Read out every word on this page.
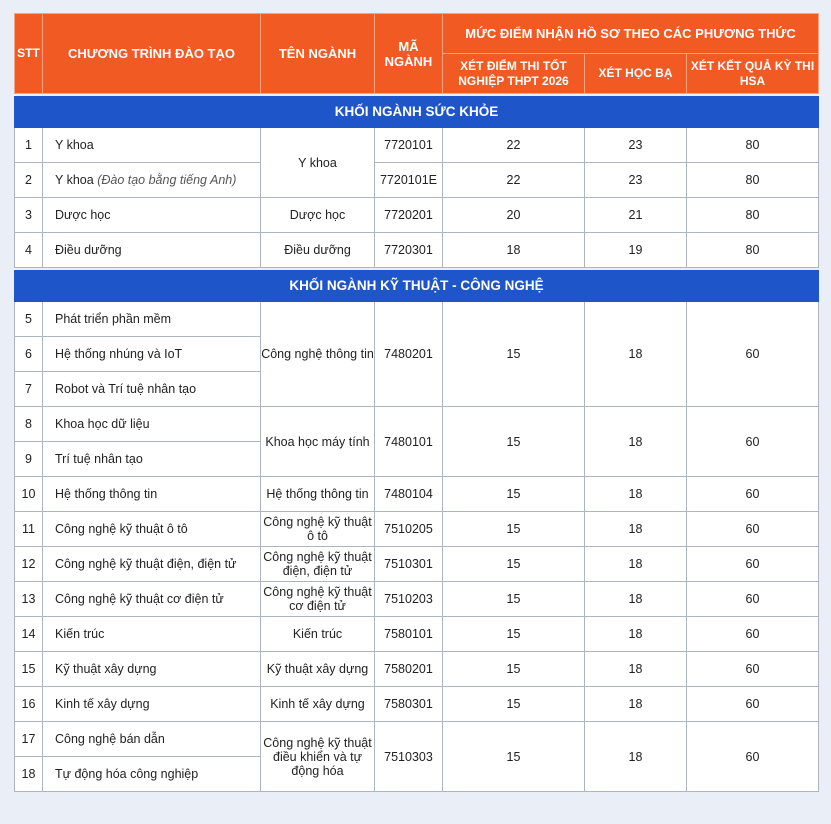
STT	CHƯƠNG TRÌNH ĐÀO TẠO	TÊN NGÀNH	MÃ NGÀNH	MỨC ĐIỂM NHẬN HỒ SƠ THEO CÁC PHƯƠNG THỨC		
				XÉT ĐIỂM THI TỐT NGHIỆP THPT 2026	XÉT HỌC BẠ	XÉT KẾT QUẢ KỲ THI HSA

KHỐI NGÀNH SỨC KHỎE						
1	Y khoa	Y khoa	7720101	22	23	80
2	Y khoa (Đào tạo bằng tiếng Anh)		7720101E	22	23	80
3	Dược học	Dược học	7720201	20	21	80
4	Điều dưỡng	Điều dưỡng	7720301	18	19	80

KHỐI NGÀNH KỸ THUẬT - CÔNG NGHỆ						
5	Phát triển phần mềm	Công nghệ thông tin	7480201	15	18	60
6	Hệ thống nhúng và IoT					
7	Robot và Trí tuệ nhân tạo					
8	Khoa học dữ liệu	Khoa học máy tính	7480101	15	18	60
9	Trí tuệ nhân tạo					
10	Hệ thống thông tin	Hệ thống thông tin	7480104	15	18	60
11	Công nghệ kỹ thuật ô tô	Công nghệ kỹ thuật ô tô	7510205	15	18	60
12	Công nghệ kỹ thuật điện, điện tử	Công nghệ kỹ thuật điện, điện tử	7510301	15	18	60
13	Công nghệ kỹ thuật cơ điện tử	Công nghệ kỹ thuật cơ điện tử	7510203	15	18	60
14	Kiến trúc	Kiến trúc	7580101	15	18	60
15	Kỹ thuật xây dựng	Kỹ thuật xây dựng	7580201	15	18	60
16	Kinh tế xây dựng	Kinh tế xây dựng	7580301	15	18	60
17	Công nghệ bán dẫn	Công nghệ kỹ thuật điều khiển và tự động hóa	7510303	15	18	60
18	Tự động hóa công nghiệp					
